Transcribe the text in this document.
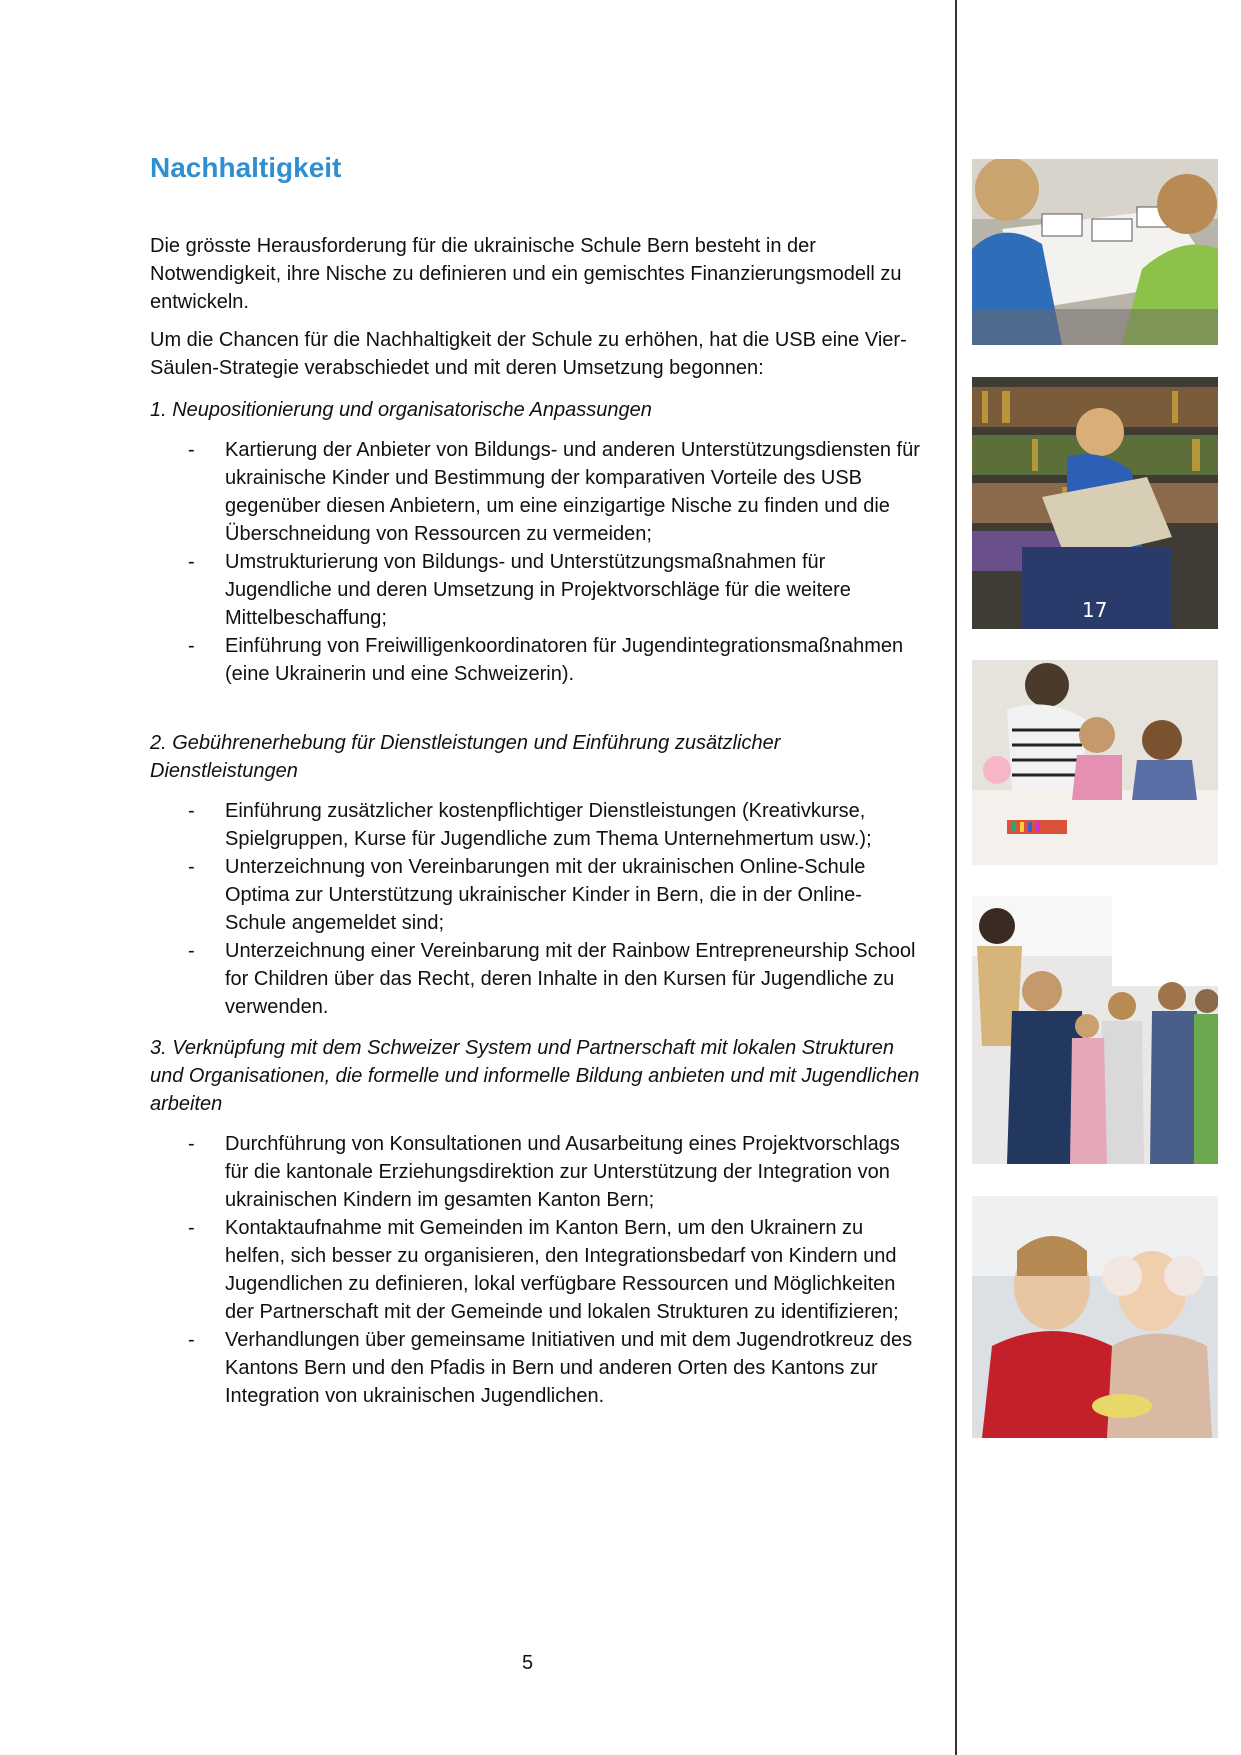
Nachhaltigkeit

Die grösste Herausforderung für die ukrainische Schule Bern besteht in der Notwendigkeit, ihre Nische zu definieren und ein gemischtes Finanzierungsmodell zu entwickeln.

Um die Chancen für die Nachhaltigkeit der Schule zu erhöhen, hat die USB eine Vier-Säulen-Strategie verabschiedet und mit deren Umsetzung begonnen:

1. Neupositionierung und organisatorische Anpassungen

- Kartierung der Anbieter von Bildungs- und anderen Unterstützungsdiensten für ukrainische Kinder und Bestimmung der komparativen Vorteile des USB gegenüber diesen Anbietern, um eine einzigartige Nische zu finden und die Überschneidung von Ressourcen zu vermeiden;
- Umstrukturierung von Bildungs- und Unterstützungsmaßnahmen für Jugendliche und deren Umsetzung in Projektvorschläge für die weitere Mittelbeschaffung;
- Einführung von Freiwilligenkoordinatoren für Jugendintegrationsmaßnahmen (eine Ukrainerin und eine Schweizerin).

2. Gebührenerhebung für Dienstleistungen und Einführung zusätzlicher Dienstleistungen

- Einführung zusätzlicher kostenpflichtiger Dienstleistungen (Kreativkurse, Spielgruppen, Kurse für Jugendliche zum Thema Unternehmertum usw.);
- Unterzeichnung von Vereinbarungen mit der ukrainischen Online-Schule Optima zur Unterstützung ukrainischer Kinder in Bern, die in der Online-Schule angemeldet sind;
- Unterzeichnung einer Vereinbarung mit der Rainbow Entrepreneurship School for Children über das Recht, deren Inhalte in den Kursen für Jugendliche zu verwenden.

3. Verknüpfung mit dem Schweizer System und Partnerschaft mit lokalen Strukturen und Organisationen, die formelle und informelle Bildung anbieten und mit Jugendlichen arbeiten

- Durchführung von Konsultationen und Ausarbeitung eines Projektvorschlags für die kantonale Erziehungsdirektion zur Unterstützung der Integration von ukrainischen Kindern im gesamten Kanton Bern;
- Kontaktaufnahme mit Gemeinden im Kanton Bern, um den Ukrainern zu helfen, sich besser zu organisieren, den Integrationsbedarf von Kindern und Jugendlichen zu definieren, lokal verfügbare Ressourcen und Möglichkeiten der Partnerschaft mit der Gemeinde und lokalen Strukturen zu identifizieren;
- Verhandlungen über gemeinsame Initiativen und mit dem Jugendrotkreuz des Kantons Bern und den Pfadis in Bern und anderen Orten des Kantons zur Integration von ukrainischen Jugendlichen.
5
17
